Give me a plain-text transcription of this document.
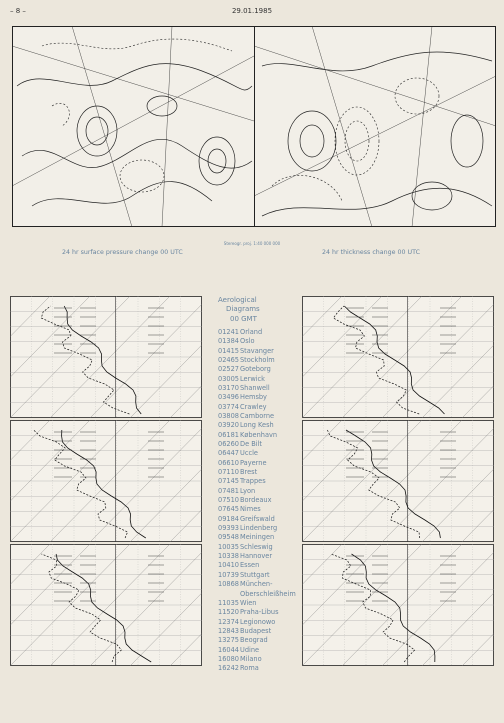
– 8 –	29.01.1985
Stereogr. proj. 1:40 000 000
24 hr surface pressure change 00 UTC	24 hr thickness change 00 UTC
Aerological
Diagrams
00 GMT
01241 Orland
01384 Oslo
01415 Stavanger
02465 Stockholm
02527 Goteborg
03005 Lerwick
03170 Shanwell
03496 Hemsby
03774 Crawley
03808 Camborne
03920 Long Kesh
06181 København
06260 De Bilt
06447 Uccle
06610 Payerne
07110 Brest
07145 Trappes
07481 Lyon
07510 Bordeaux
07645 Nimes
09184 Greifswald
09393 Lindenberg
09548 Meiningen
10035 Schleswig
10338 Hannover
10410 Essen
10739 Stuttgart
10868 München-
Oberschleißheim
11035 Wien
11520 Praha-Libus
12374 Legionowo
12843 Budapest
13275 Beograd
16044 Udine
16080 Milano
16242 Roma
